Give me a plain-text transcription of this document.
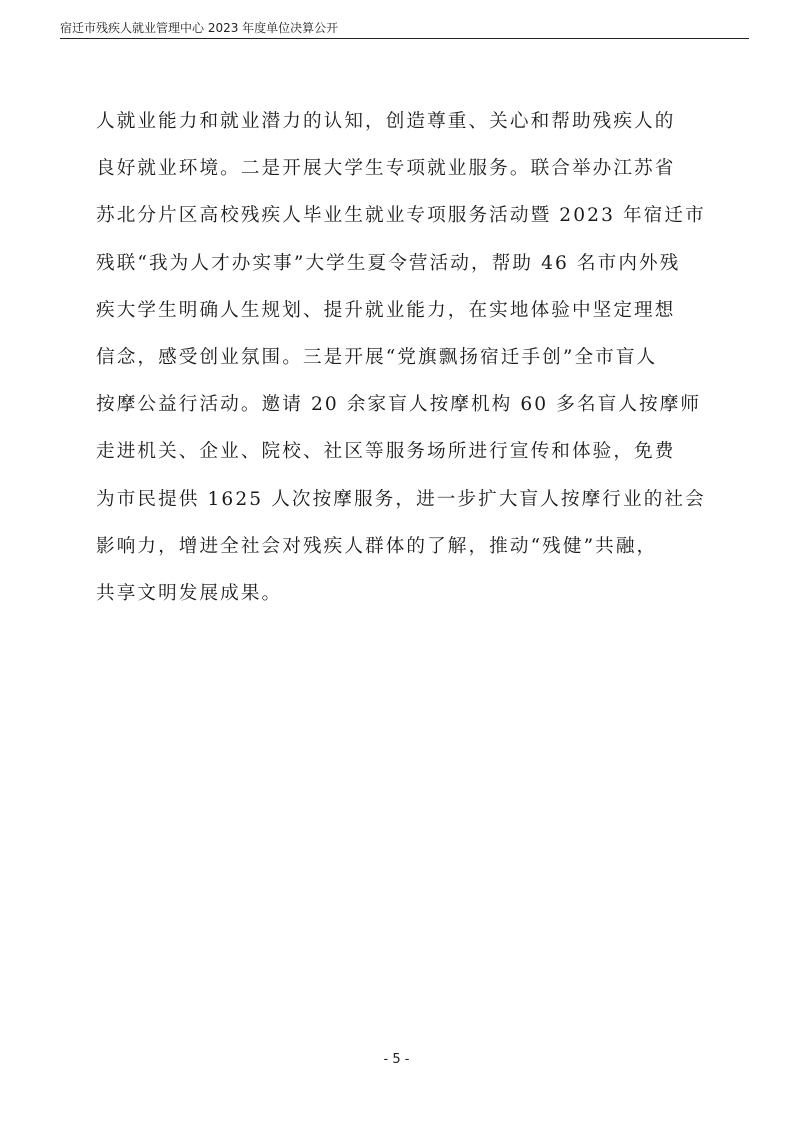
宿迁市残疾人就业管理中心 2023 年度单位决算公开
人就业能力和就业潜力的认知，创造尊重、关心和帮助残疾人的
良好就业环境。二是开展大学生专项就业服务。联合举办江苏省
苏北分片区高校残疾人毕业生就业专项服务活动暨 2023 年宿迁市
残联“我为人才办实事”大学生夏令营活动，帮助 46 名市内外残
疾大学生明确人生规划、提升就业能力，在实地体验中坚定理想
信念，感受创业氛围。三是开展“党旗飘扬宿迁手创”全市盲人
按摩公益行活动。邀请 20 余家盲人按摩机构 60 多名盲人按摩师
走进机关、企业、院校、社区等服务场所进行宣传和体验，免费
为市民提供 1625 人次按摩服务，进一步扩大盲人按摩行业的社会
影响力，增进全社会对残疾人群体的了解，推动“残健”共融，
共享文明发展成果。
- 5 -
